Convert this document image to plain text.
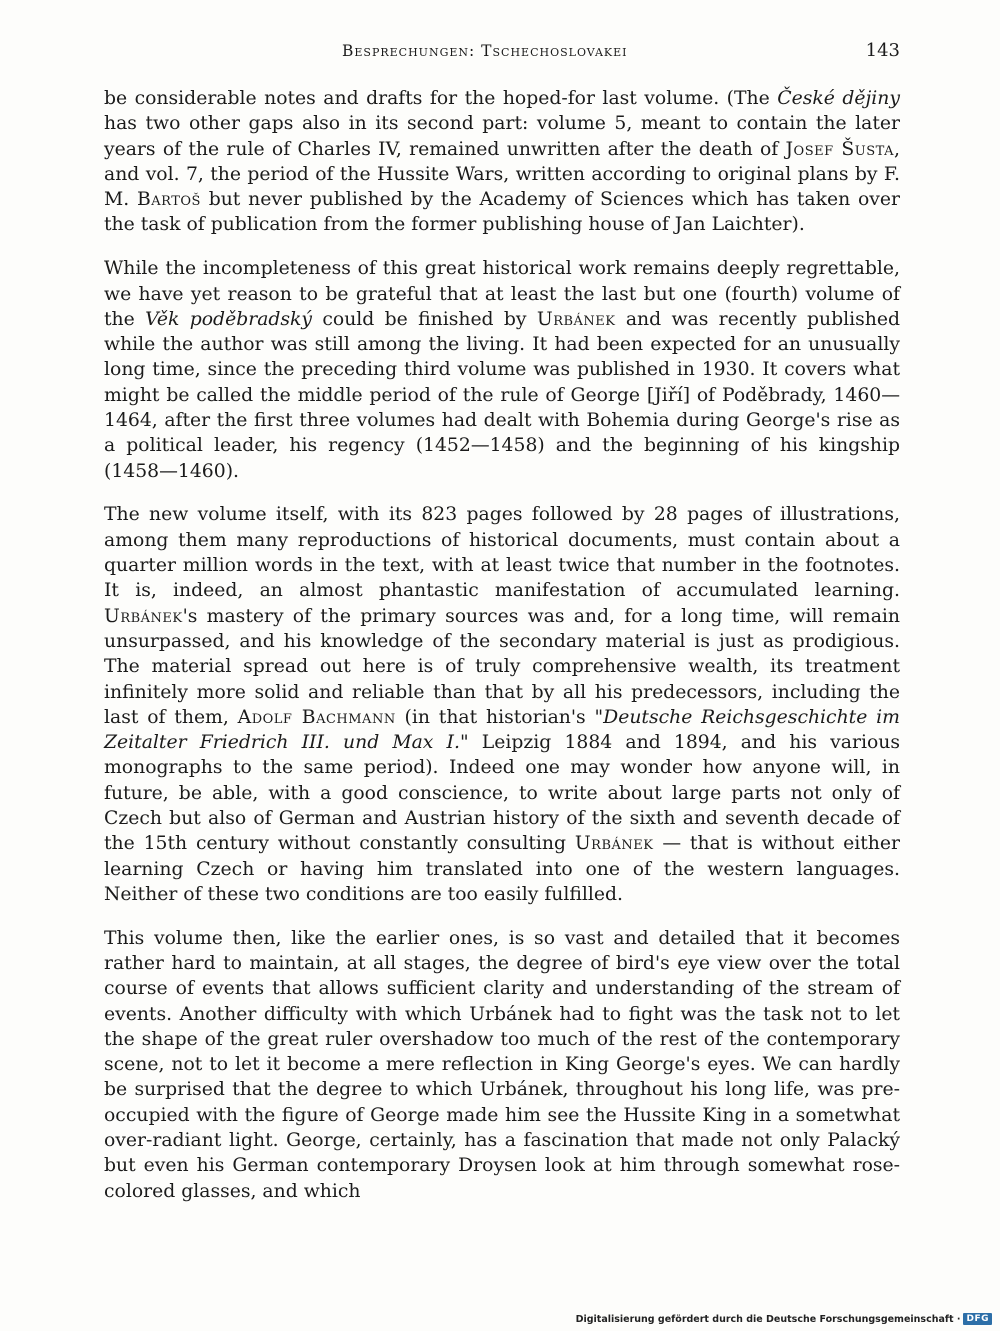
Besprechungen: Tschechoslovakei	143

be considerable notes and drafts for the hoped-for last volume. (The České dějiny has two other gaps also in its second part: volume 5, meant to contain the later years of the rule of Charles IV, remained unwritten after the death of Josef Šusta, and vol. 7, the period of the Hussite Wars, written according to original plans by F. M. Bartoš but never published by the Academy of Sciences which has taken over the task of publication from the former publishing house of Jan Laichter).

While the incompleteness of this great historical work remains deeply regrettable, we have yet reason to be grateful that at least the last but one (fourth) volume of the Věk poděbradský could be finished by Urbánek and was recently published while the author was still among the living. It had been expected for an unusually long time, since the preceding third volume was published in 1930. It covers what might be called the middle period of the rule of George [Jiří] of Poděbrady, 1460—1464, after the first three volumes had dealt with Bohemia during George's rise as a political leader, his regency (1452—1458) and the beginning of his kingship (1458—1460).

The new volume itself, with its 823 pages followed by 28 pages of illustrations, among them many reproductions of historical documents, must contain about a quarter million words in the text, with at least twice that number in the footnotes. It is, indeed, an almost phantastic manifestation of accumulated learning. Urbánek's mastery of the primary sources was and, for a long time, will remain unsurpassed, and his knowledge of the secondary material is just as prodigious. The material spread out here is of truly comprehensive wealth, its treatment infinitely more solid and reliable than that by all his predecessors, including the last of them, Adolf Bachmann (in that historian's "Deutsche Reichsgeschichte im Zeitalter Friedrich III. und Max I." Leipzig 1884 and 1894, and his various monographs to the same period). Indeed one may wonder how anyone will, in future, be able, with a good conscience, to write about large parts not only of Czech but also of German and Austrian history of the sixth and seventh decade of the 15th century without constantly consulting Urbánek — that is without either learning Czech or having him translated into one of the western languages. Neither of these two conditions are too easily fulfilled.

This volume then, like the earlier ones, is so vast and detailed that it becomes rather hard to maintain, at all stages, the degree of bird's eye view over the total course of events that allows sufficient clarity and understanding of the stream of events. Another difficulty with which Urbánek had to fight was the task not to let the shape of the great ruler overshadow too much of the rest of the contemporary scene, not to let it become a mere reflection in King George's eyes. We can hardly be surprised that the degree to which Urbánek, throughout his long life, was pre-occupied with the figure of George made him see the Hussite King in a sometwhat over-radiant light. George, certainly, has a fascination that made not only Palacký but even his German contemporary Droysen look at him through somewhat rose-colored glasses, and which

Digitalisierung gefördert durch die Deutsche Forschungsgemeinschaft · DFG
